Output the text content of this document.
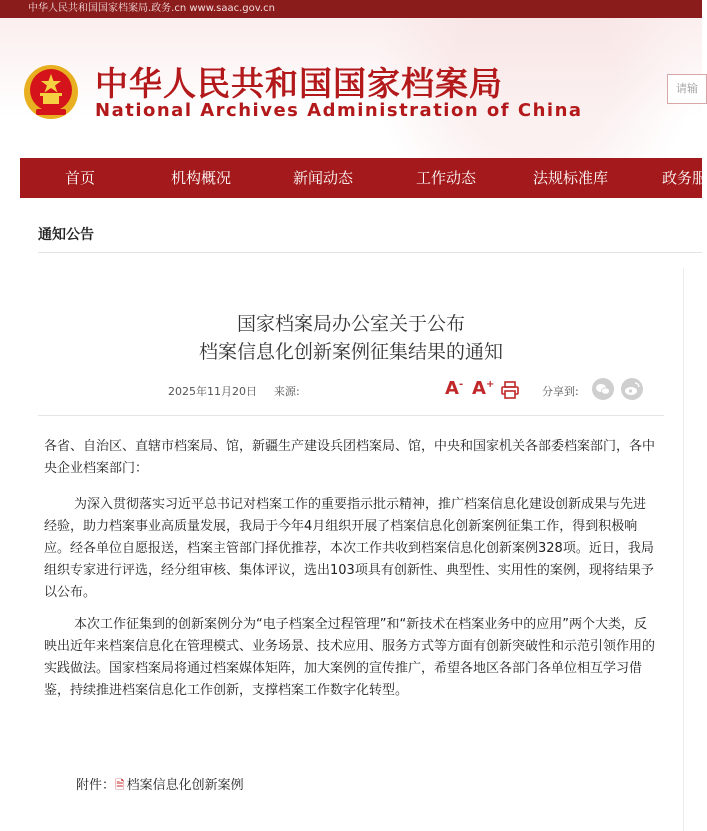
中华人民共和国国家档案局.政务.cn www.saac.gov.cn
中华人民共和国国家档案局
National Archives Administration of China
请输
首页	机构概况	新闻动态	工作动态	法规标准库	政务服
通知公告
国家档案局办公室关于公布
档案信息化创新案例征集结果的通知
2025年11月20日 来源:	A- A+
分享到:

各省、自治区、直辖市档案局、馆，新疆生产建设兵团档案局、馆，中央和国家机关各部委档案部门，各中央企业档案部门：

为深入贯彻落实习近平总书记对档案工作的重要指示批示精神，推广档案信息化建设创新成果与先进经验，助力档案事业高质量发展，我局于今年4月组织开展了档案信息化创新案例征集工作，得到积极响应。经各单位自愿报送，档案主管部门择优推荐，本次工作共收到档案信息化创新案例328项。近日，我局组织专家进行评选，经分组审核、集体评议，选出103项具有创新性、典型性、实用性的案例，现将结果予以公布。

本次工作征集到的创新案例分为“电子档案全过程管理”和“新技术在档案业务中的应用”两个大类，反映出近年来档案信息化在管理模式、业务场景、技术应用、服务方式等方面有创新突破性和示范引领作用的实践做法。国家档案局将通过档案媒体矩阵，加大案例的宣传推广，希望各地区各部门各单位相互学习借鉴，持续推进档案信息化工作创新，支撑档案工作数字化转型。

附件：🗎 档案信息化创新案例
